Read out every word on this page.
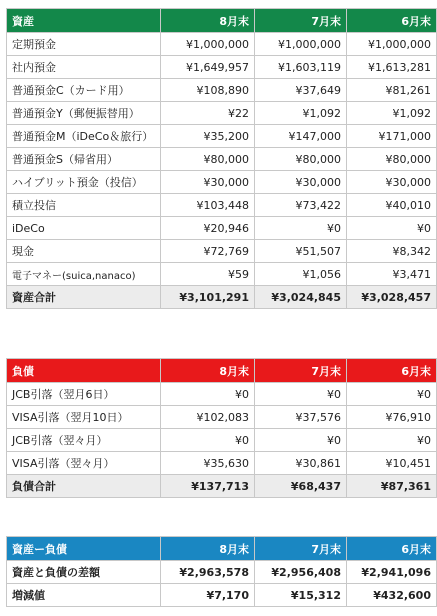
資産	8月末	7月末	6月末	
定期預金	¥1,000,000	¥1,000,000	¥1,000,000	
社内預金	¥1,649,957	¥1,603,119	¥1,613,281	
普通預金C（カード用）	¥108,890	¥37,649	¥81,261	
普通預金Y（郵便振替用）	¥22	¥1,092	¥1,092	
普通預金M（iDeCo＆旅行）	¥35,200	¥147,000	¥171,000	
普通預金S（帰省用）	¥80,000	¥80,000	¥80,000	
ハイブリット預金（投信）	¥30,000	¥30,000	¥30,000	
積立投信	¥103,448	¥73,422	¥40,010	
iDeCo	¥20,946	¥0	¥0	
現金	¥72,769	¥51,507	¥8,342	
電子マネー(suica,nanaco)	¥59	¥1,056	¥3,471	
資産合計	¥3,101,291	¥3,024,845	¥3,028,457	
負債	8月末	7月末	6月末	
JCB引落（翌月6日）	¥0	¥0	¥0	
VISA引落（翌月10日）	¥102,083	¥37,576	¥76,910	
JCB引落（翌々月）	¥0	¥0	¥0	
VISA引落（翌々月）	¥35,630	¥30,861	¥10,451	
負債合計	¥137,713	¥68,437	¥87,361	
資産ー負債	8月末	7月末	6月末	
資産と負債の差額	¥2,963,578	¥2,956,408	¥2,941,096	
増減値	¥7,170	¥15,312	¥432,600	
